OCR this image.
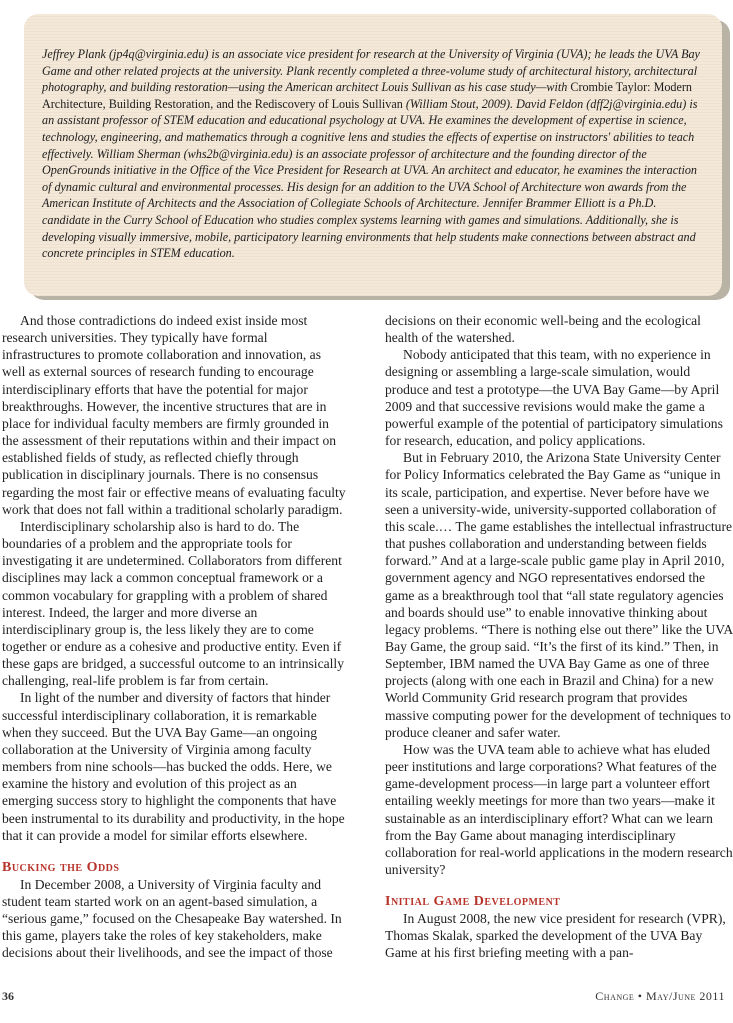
Jeffrey Plank (jp4q@virginia.edu) is an associate vice president for research at the University of Virginia (UVA); he leads the UVA Bay Game and other related projects at the university. Plank recently completed a three-volume study of architectural history, architectural photography, and building restoration—using the American architect Louis Sullivan as his case study—with Crombie Taylor: Modern Architecture, Building Restoration, and the Rediscovery of Louis Sullivan (William Stout, 2009). David Feldon (dff2j@virginia.edu) is an assistant professor of STEM education and educational psychology at UVA. He examines the development of expertise in science, technology, engineering, and mathematics through a cognitive lens and studies the effects of expertise on instructors' abilities to teach effectively. William Sherman (whs2b@virginia.edu) is an associate professor of architecture and the founding director of the OpenGrounds initiative in the Office of the Vice President for Research at UVA. An architect and educator, he examines the interaction of dynamic cultural and environmental processes. His design for an addition to the UVA School of Architecture won awards from the American Institute of Architects and the Association of Collegiate Schools of Architecture. Jennifer Brammer Elliott is a Ph.D. candidate in the Curry School of Education who studies complex systems learning with games and simulations. Additionally, she is developing visually immersive, mobile, participatory learning environments that help students make connections between abstract and concrete principles in STEM education.

And those contradictions do indeed exist inside most research universities. They typically have formal infrastructures to promote collaboration and innovation, as well as external sources of research funding to encourage interdisciplinary efforts that have the potential for major breakthroughs. However, the incentive structures that are in place for individual faculty members are firmly grounded in the assessment of their reputations within and their impact on established fields of study, as reflected chiefly through publication in disciplinary journals. There is no consensus regarding the most fair or effective means of evaluating faculty work that does not fall within a traditional scholarly paradigm.

Interdisciplinary scholarship also is hard to do. The boundaries of a problem and the appropriate tools for investigating it are undetermined. Collaborators from different disciplines may lack a common conceptual framework or a common vocabulary for grappling with a problem of shared interest. Indeed, the larger and more diverse an interdisciplinary group is, the less likely they are to come together or endure as a cohesive and productive entity. Even if these gaps are bridged, a successful outcome to an intrinsically challenging, real-life problem is far from certain.

In light of the number and diversity of factors that hinder successful interdisciplinary collaboration, it is remarkable when they succeed. But the UVA Bay Game—an ongoing collaboration at the University of Virginia among faculty members from nine schools—has bucked the odds. Here, we examine the history and evolution of this project as an emerging success story to highlight the components that have been instrumental to its durability and productivity, in the hope that it can provide a model for similar efforts elsewhere.

Bucking the Odds

In December 2008, a University of Virginia faculty and student team started work on an agent-based simulation, a “serious game,” focused on the Chesapeake Bay watershed. In this game, players take the roles of key stakeholders, make decisions about their livelihoods, and see the impact of those

decisions on their economic well-being and the ecological health of the watershed.

Nobody anticipated that this team, with no experience in designing or assembling a large-scale simulation, would produce and test a prototype—the UVA Bay Game—by April 2009 and that successive revisions would make the game a powerful example of the potential of participatory simulations for research, education, and policy applications.

But in February 2010, the Arizona State University Center for Policy Informatics celebrated the Bay Game as “unique in its scale, participation, and expertise. Never before have we seen a university-wide, university-supported collaboration of this scale.… The game establishes the intellectual infrastructure that pushes collaboration and understanding between fields forward.” And at a large-scale public game play in April 2010, government agency and NGO representatives endorsed the game as a breakthrough tool that “all state regulatory agencies and boards should use” to enable innovative thinking about legacy problems. “There is nothing else out there” like the UVA Bay Game, the group said. “It’s the first of its kind.” Then, in September, IBM named the UVA Bay Game as one of three projects (along with one each in Brazil and China) for a new World Community Grid research program that provides massive computing power for the development of techniques to produce cleaner and safer water.

How was the UVA team able to achieve what has eluded peer institutions and large corporations? What features of the game-development process—in large part a volunteer effort entailing weekly meetings for more than two years—make it sustainable as an interdisciplinary effort? What can we learn from the Bay Game about managing interdisciplinary collaboration for real-world applications in the modern research university?

Initial Game Development

In August 2008, the new vice president for research (VPR), Thomas Skalak, sparked the development of the UVA Bay Game at his first briefing meeting with a pan-

36	Change • May/June 2011
